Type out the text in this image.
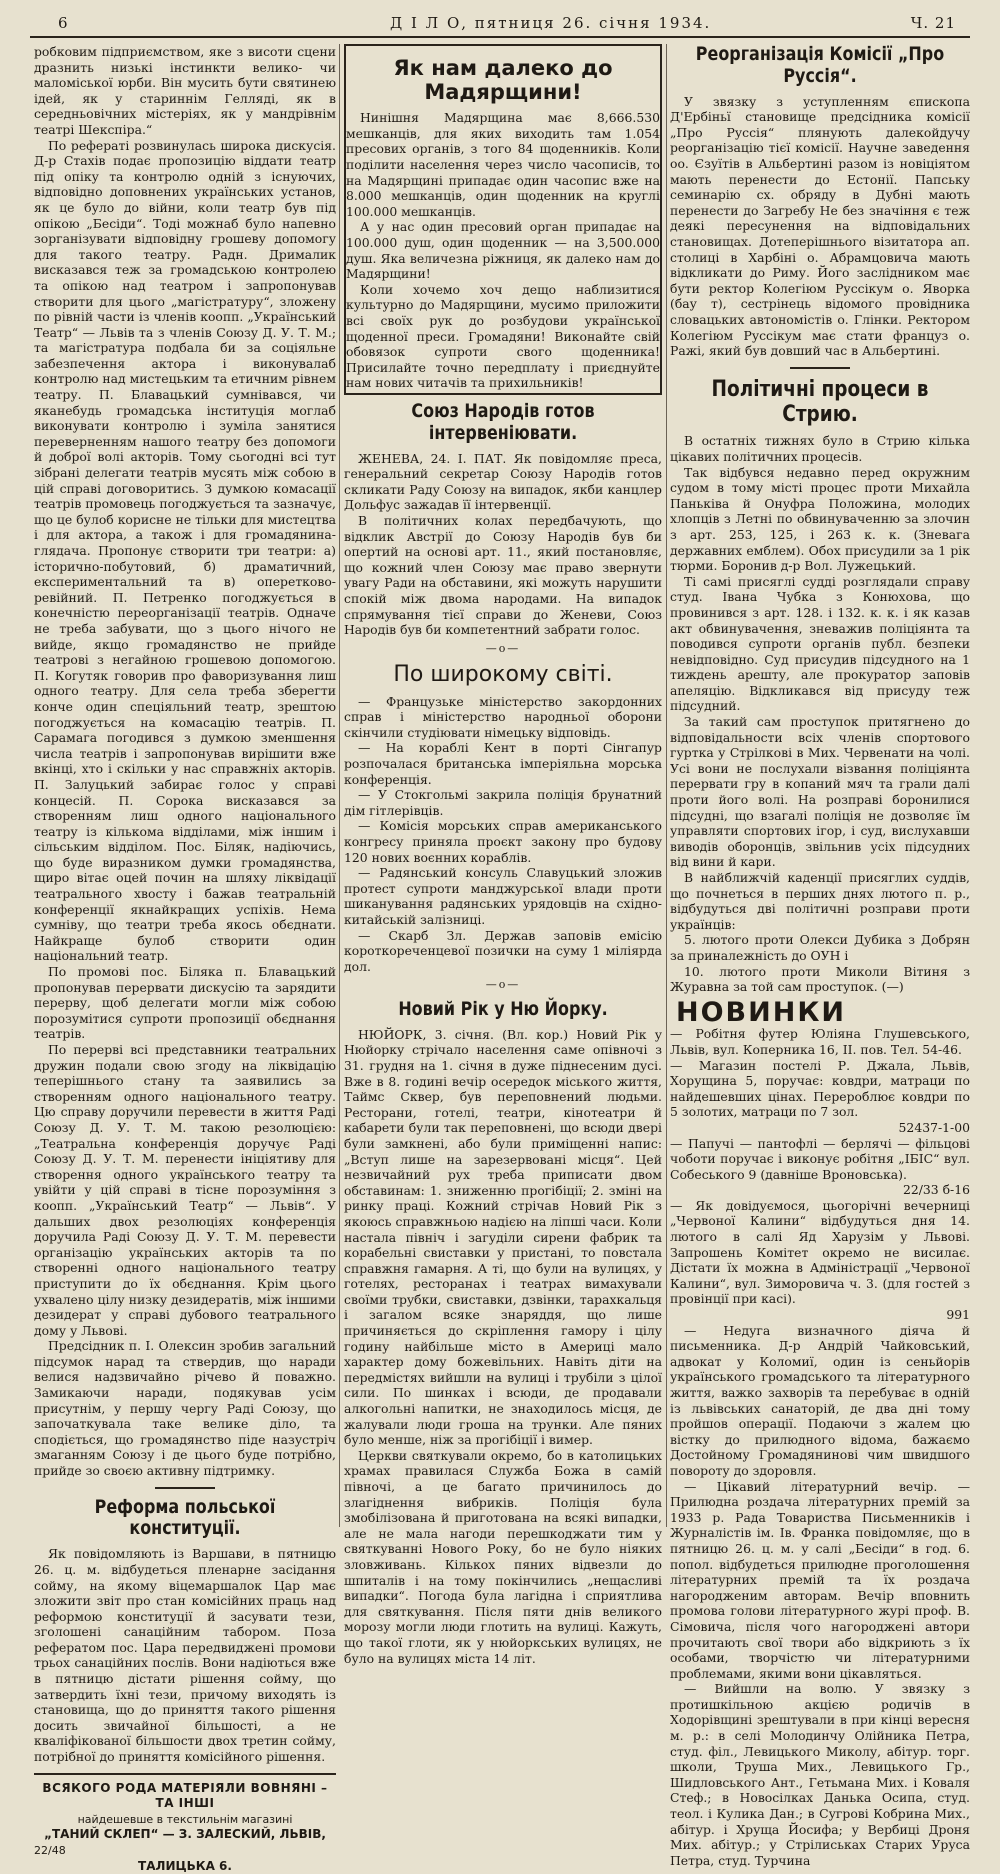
6	Д І Л О, пятниця 26. січня 1934.	Ч. 21

робковим підприємством, яке з висоти сцени дразнить низькі інстинкти велико- чи маломіської юрби. Він мусить бути святинею ідей, як у стариннім Гелляді, як в середньовічних містеріях, як у мандрівнім театрі Шекспіра.“

По рефераті розвинулась широка дискусія. Д-р Стахів подає пропозицію віддати театр під опіку та контролю одній з існуючих, відповідно доповнених українських установ, як це було до війни, коли театр був під опікою „Бесіди“. Тоді можнаб було напевно зорганізувати відповідну грошеву допомогу для такого театру. Радн. Дрималик висказався теж за громадською контролею та опікою над театром і запропонував створити для цього „магістратуру“, зложену по рівній части із членів коопп. „Український Театр“ — Львів та з членів Союзу Д. У. Т. М.; та магістратура подбала би за соціяльне забезпечення актора і виконувалаб контролю над мистецьким та етичним рівнем театру. П. Блавацький сумнівався, чи яканебудь громадська інституція моглаб виконувати контролю і зуміла занятися переверненням нашого театру без допомоги й доброї волі акторів. Тому сьогодні всі тут зібрані делегати театрів мусять між собою в цій справі договоритись. З думкою комасації театрів промовець погоджується та зазначує, що це булоб корисне не тільки для мистецтва і для актора, а також і для громадянина-глядача. Пропонує створити три театри: а) історично-побутовий, б) драматичний, експериментальний та в) оперетково-ревійний. П. Петренко погоджується в конечністю переорганізації театрів. Одначе не треба забувати, що з цього нічого не вийде, якщо громадянство не прийде театрові з негайною грошевою допомогою. П. Когутяк говорив про фаворизування лиш одного театру. Для села треба зберегти конче один спеціяльний театр, зрештою погоджується на комасацію театрів. П. Сарамага погодився з думкою зменшення числа театрів і запропонував вирішити вже вкінці, хто і скільки у нас справжніх акторів. П. Залуцький забирає голос у справі концесій. П. Сорока висказався за створенням лиш одного національного театру із кількома відділами, між іншим і сільським відділом. Пос. Біляк, надіючись, що буде виразником думки громадянства, щиро вітає оцей почин на шляху ліквідації театрального хвосту і бажав театральній конференції якнайкращих успіхів. Нема сумніву, що театри треба якось обєднати. Найкраще булоб створити один національний театр.

По промові пос. Біляка п. Блавацький пропонував перервати дискусію та зарядити перерву, щоб делегати могли між собою порозумітися супроти пропозиції обєднання театрів.

По перерві всі представники театральних дружин подали свою згоду на ліквідацію теперішнього стану та заявились за створенням одного національного театру. Цю справу доручили перевести в життя Раді Союзу Д. У. Т. М. такою резолюцією: „Театральна конференція доручує Раді Союзу Д. У. Т. М. перенести ініціятиву для створення одного українського театру та увійти у цій справі в тісне порозуміння з коопп. „Український Театр“ — Львів“. У дальших двох резолюціях конференція доручила Раді Союзу Д. У. Т. М. перевести організацію українських акторів та по створенні одного національного театру приступити до їх обєднання. Крім цього ухвалено цілу низку дезидератів, між іншими дезидерат у справі дубового театрального дому у Львові.

Предсідник п. І. Олексин зробив загальний підсумок нарад та ствердив, що наради велися надзвичайно річево й поважно. Замикаючи наради, подякував усім присутнім, у першу чергу Раді Союзу, що започаткувала таке велике діло, та сподіється, що громадянство піде назустріч змаганням Союзу і де цього буде потрібно, прийде зо своєю активну підтримку.

Реформа польської конституції.

Як повідомляють із Варшави, в пятницю 26. ц. м. відбудеться пленарне засідання сойму, на якому віцемаршалок Цар має зложити звіт про стан комісійних праць над реформою конституції й засувати тези, зголошені санаційним табором. Поза рефератом пос. Цара передвиджені промови трьох санаційних послів. Вони надіються вже в пятницю дістати рішення сойму, що затвердить їхні тези, причому виходять із становища, що до приняття такого рішення досить звичайної більшості, а не кваліфікованої більшости двох третин сойму, потрібної до приняття комісійного рішення.

ВСЯКОГО РОДА МАТЕРІЯЛИ ВОВНЯНІ – ТА ІНШІ
найдешевше в текстильнім магазині
„ТАНИЙ СКЛЕП“ — З. ЗАЛЕСКИЙ, ЛЬВІВ,
22/48
ТАЛИЦЬКА 6.
Як нам далеко до Мадярщини!

Нинішня Мадярщина має 8,666.530 мешканців, для яких виходить там 1.054 пресових органів, з того 84 щоденників. Коли поділити населення через число часописів, то на Мадярщині припадає один часопис вже на 8.000 мешканців, один щоденник на круглі 100.000 мешканців.

А у нас один пресовий орган припадає на 100.000 душ, один щоденник — на 3,500.000 душ. Яка величезна ріжниця, як далеко нам до Мадярщини!

Коли хочемо хоч дещо наблизитися культурно до Мадярщини, мусимо приложити всі своїх рук до розбудови української щоденної преси. Громадяни! Виконайте свій обовязок супроти свого щоденника! Присилайте точно передплату і приєднуйте нам нових читачів та прихильників!

Союз Народів готов інтервеніювати.

ЖЕНЕВА, 24. І. ПАТ. Як повідомляє преса, генеральний секретар Союзу Народів готов скликати Раду Союзу на випадок, якби канцлер Дольфус зажадав її інтервенції.

В політичних колах передбачують, що відклик Австрії до Союзу Народів був би опертий на основі арт. 11., який постановляє, що кожний член Союзу має право звернути увагу Ради на обставини, які можуть нарушити спокій між двома народами. На випадок спрямування тієї справи до Женеви, Союз Народів був би компетентний забрати голос.

—o—
По широкому світі.

— Французьке міністерство закордонних справ і міністерство народньої оборони скінчили студіювати німецьку відповідь.

— На кораблі Кент в порті Сінгапур розпочалася британська імперіяльна морська конференція.

— У Стокгольмі закрила поліція брунатний дім гітлерівців.

— Комісія морських справ американського конгресу приняла проєкт закону про будову 120 нових воєнних кораблів.

— Радянський консуль Славуцький зложив протест супроти манджурської влади проти шиканування радянських урядовців на східно-китайській залізниці.

— Скарб Зл. Держав заповів емісію короткореченцевої позички на суму 1 міліярда дол.

—o—
Новий Рік у Ню Йорку.

НЮЙОРК, 3. січня. (Вл. кор.) Новий Рік у Нюйорку стрічало населення саме опівночі з 31. грудня на 1. січня в дуже піднесеним дусі. Вже в 8. годині вечір осередок міського життя, Таймс Сквер, був переповнений людьми. Ресторани, готелі, театри, кінотеатри й кабарети були так переповнені, що всюди двері були замкнені, або були приміщенні напис: „Вступ лише на зарезервовані місця“. Цей незвичайний рух треба приписати двом обставинам: 1. зниженню прогібіції; 2. зміні на ринку праці. Кожний стрічав Новий Рік з якоюсь справжньою надією на ліпші часи. Коли настала північ і загуділи сирени фабрик та корабельні свиставки у пристані, то повстала справжня гамарня. А ті, що були на вулицях, у готелях, ресторанах і театрах вимахували своїми трубки, свиставки, дзвінки, тарахкальця і загалом всяке знаряддя, що лише причиняється до скріплення гамору і цілу годину найбільше місто в Америці мало характер дому божевільних. Навіть діти на передмістях вийшли на вулиці і трубіли з цілої сили. По шинках і всюди, де продавали алкогольні напитки, не знаходилось місця, де жалували люди гроша на трунки. Але пяних було менше, ніж за прогібіції і вимер.

Церкви святкували окремо, бо в католицьких храмах правилася Служба Божа в самій півночі, а це багато причинилось до злагіднення вибриків. Поліція була змобілізована й приготована на всякі випадки, але не мала нагоди перешкоджати тим у святкуванні Нового Року, бо не було ніяких зловживань. Кількох пяних відвезли до шпиталів і на тому покінчились „нещасливі випадки“. Погода була лагідна і сприятлива для святкування. Після пяти днів великого морозу могли люди глотить на вулиці. Кажуть, що такої глоти, як у нюйоркських вулицях, не було на вулицях міста 14 літ.

Реорганізація Комісії „Про Руссія“.

У звязку з уступленням єпископа Д'Ербіньї становище предсідника комісії „Про Руссія“ плянують далекойдучу реорганізацію тієї комісії. Научне заведення оо. Єзуїтів в Альбертині разом із новіціятом мають перенести до Естонії. Папську семинарію сх. обряду в Дубні мають перенести до Загребу Не без значіння є теж деякі пересунення на відповідальних становищах. Дотеперішнього візитатора ап. столиці в Харбіні о. Абрамцовича мають відкликати до Риму. Його заслідником має бути ректор Колегіюм Руссікум о. Яворка (бау т), сестрінець відомого провідника словацьких автономістів о. Глінки. Ректором Колегіюм Руссікум має стати француз о. Ражі, який був довший час в Альбертині.

Політичні процеси в Стрию.

В остатніх тижнях було в Стрию кілька цікавих політичних процесів.

Так відбувся недавно перед окружним судом в тому місті процес проти Михайла Паньківа й Онуфра Положина, молодих хлопців з Летні по обвинуваченню за злочин з арт. 253, 125, і 263 к. к. (Зневага державних емблем). Обох присудили за 1 рік тюрми. Боронив д-р Вол. Лужецький.

Ті самі присяглі судді розглядали справу студ. Івана Чубка з Конюхова, що провинився з арт. 128. і 132. к. к. і як казав акт обвинувачення, зневажив поліціянта та поводився супроти органів публ. безпеки невідповідно. Суд присудив підсудного на 1 тиждень арешту, але прокуратор заповів апеляцію. Відкликався від присуду теж підсудний.

За такий сам проступок притягнено до відповідальности всіх членів спортового гуртка у Стрілкові в Мих. Червенати на чолі. Усі вони не послухали візвання поліціянта перервати гру в копаний мяч та грали далі проти його волі. На розправі боронилися підсудні, що взагалі поліція не дозволяє їм управляти спортових ігор, і суд, вислухавши виводів оборонців, звільнив усіх підсудних від вини й кари.

В найближчій каденції присяглих суддів, що почнеться в перших днях лютого п. р., відбудуться дві політичні розправи проти українців:

5. лютого проти Олекси Дубика з Добрян за приналежність до ОУН і

10. лютого проти Миколи Вітиня з Журавна за той сам проступок. (—)

НОВИНКИ

— Робітня футер Юліяна Глушевського, Львів, вул. Коперника 16, II. пов. Тел. 54-46.

— Магазин постелі Р. Джала, Львів, Хорущина 5, поручає: ковдри, матраци по найдешевших цінах. Перероблює ковдри по 5 золотих, матраци по 7 зол.

52437-1-00

— Папучі — пантофлі — берлячі — фільцові чоботи поручає і виконує робітня „ІБІС“ вул. Собеського 9 (давніше Вроновська).

22/33 б-16

— Як довідуємося, цьогорічні вечерниці „Червоної Калини“ відбудуться дня 14. лютого в салі Яд Харузім у Львові. Запрошень Комітет окремо не висилає. Дістати їх можна в Адміністрації „Червоної Калини“, вул. Зиморовича ч. 3. (для гостей з провінції при касі).

991

— Недуга визначного діяча й письменника. Д-р Андрій Чайковський, адвокат у Коломиї, один із сеньйорів українського громадського та літературного життя, важко захворів та перебуває в одній із львівських санаторій, де два дні тому пройшов операції. Подаючи з жалем цю вістку до прилюдного відома, бажаємо Достойному Громадянинові чим швидшого повороту до здоровля.

— Цікавий літературний вечір. — Прилюдна роздача літературних премій за 1933 р. Рада Товариства Письменників і Журналістів ім. Ів. Франка повідомляє, що в пятницю 26. ц. м. у салі „Бесіди“ в год. 6. попол. відбудеться прилюдне проголошення літературних премій та їх роздача нагородженим авторам. Вечір вповнить промова голови літературного журі проф. В. Сімовича, після чого нагороджені автори прочитають свої твори або відкриють з їх особами, творчістю чи літературними проблемами, якими вони цікавляться.

— Вийшли на волю. У звязку з протишкільною акцією родичів в Ходорівщині зрештували в при кінці вересня м. р.: в селі Молодинчу Олійника Петра, студ. філ., Левицького Миколу, абітур. торг. школи, Труша Мих., Левицького Гр., Шидловського Ант., Гетьмана Мих. і Коваля Стеф.; в Новосілках Данька Осипа, студ. теол. і Кулика Дан.; в Сугрові Кобрина Мих., абітур. і Хруща Йосифа; у Вербиці Дроня Мих. абітур.; у Стрілиськах Старих Уруса Петра, студ. Турчина
